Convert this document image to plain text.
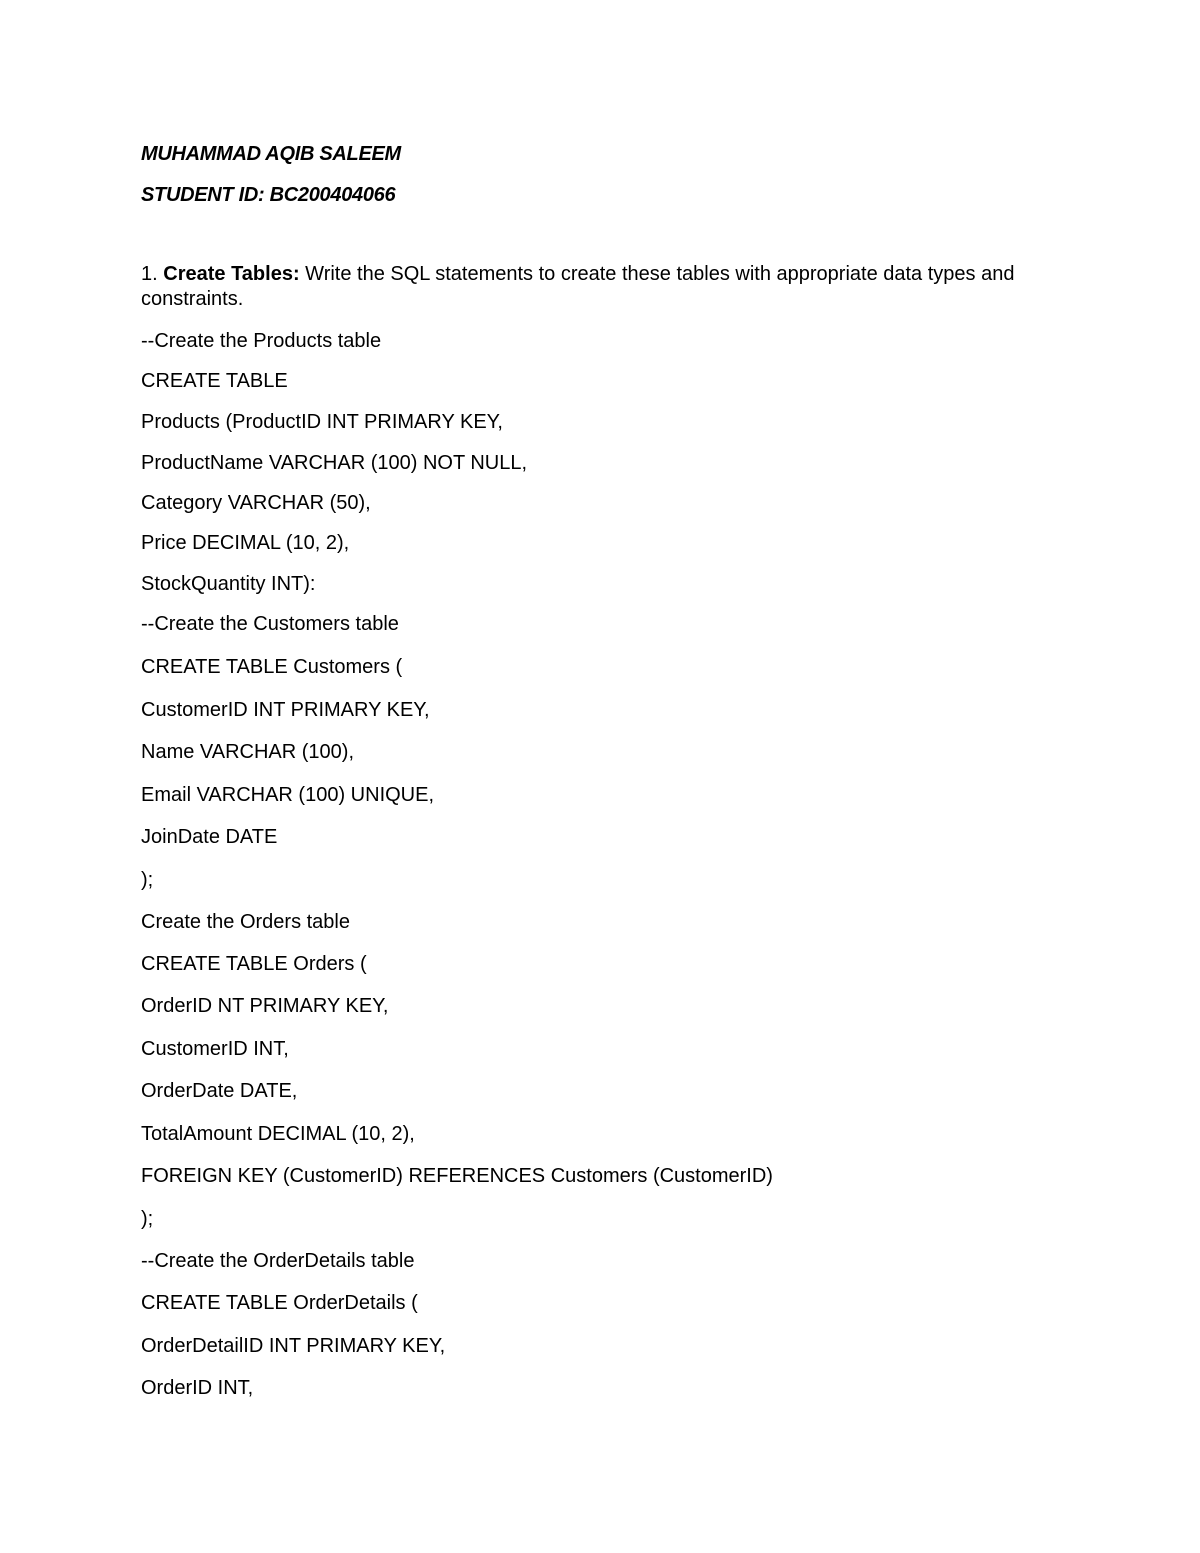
MUHAMMAD AQIB SALEEM
STUDENT ID: BC200404066
1. Create Tables: Write the SQL statements to create these tables with appropriate data types and constraints.
--Create the Products table
CREATE TABLE
Products (ProductID INT PRIMARY KEY,
ProductName VARCHAR (100) NOT NULL,
Category VARCHAR (50),
Price DECIMAL (10, 2),
StockQuantity INT):
--Create the Customers table
CREATE TABLE Customers (
CustomerID INT PRIMARY KEY,
Name VARCHAR (100),
Email VARCHAR (100) UNIQUE,
JoinDate DATE
);
Create the Orders table
CREATE TABLE Orders (
OrderID NT PRIMARY KEY,
CustomerID INT,
OrderDate DATE,
TotalAmount DECIMAL (10, 2),
FOREIGN KEY (CustomerID) REFERENCES Customers (CustomerID)
);
--Create the OrderDetails table
CREATE TABLE OrderDetails (
OrderDetailID INT PRIMARY KEY,
OrderID INT,
